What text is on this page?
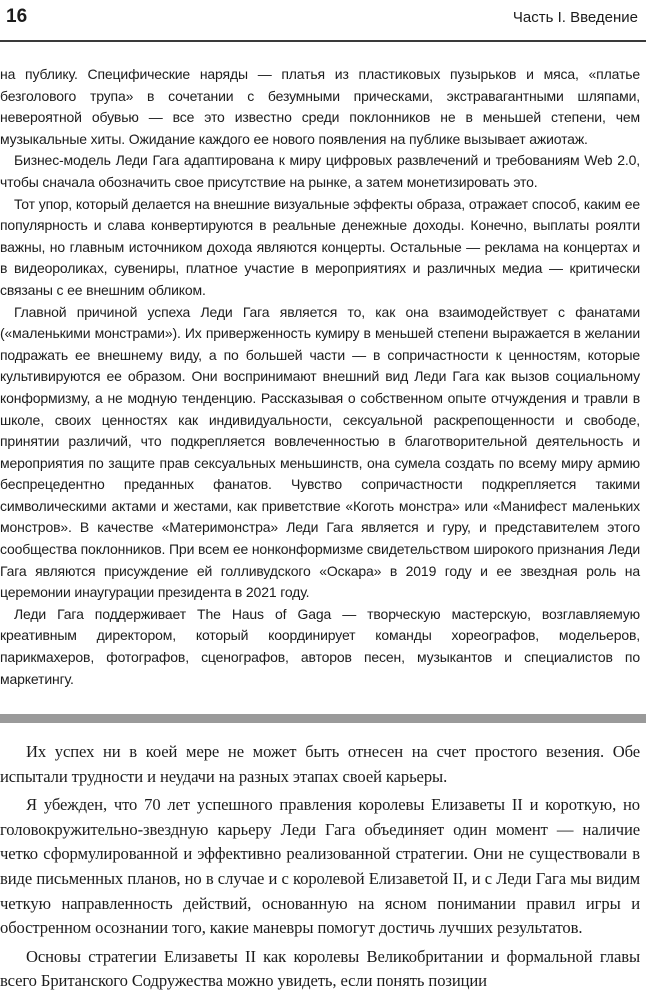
16	Часть I. Введение

на публику. Специфические наряды — платья из пластиковых пузырьков и мяса, «платье безголового трупа» в сочетании с безумными прическами, экстравагантными шляпами, невероятной обувью — все это известно среди поклонников не в меньшей степени, чем музыкальные хиты. Ожидание каждого ее нового появления на публике вызывает ажиотаж.

Бизнес-модель Леди Гага адаптирована к миру цифровых развлечений и требованиям Web 2.0, чтобы сначала обозначить свое присутствие на рынке, а затем монетизировать это.

Тот упор, который делается на внешние визуальные эффекты образа, отражает способ, каким ее популярность и слава конвертируются в реальные денежные доходы. Конечно, выплаты роялти важны, но главным источником дохода являются концерты. Остальные — реклама на концертах и в видеороликах, сувениры, платное участие в мероприятиях и различных медиа — критически связаны с ее внешним обликом.

Главной причиной успеха Леди Гага является то, как она взаимодействует с фанатами («маленькими монстрами»). Их приверженность кумиру в меньшей степени выражается в желании подражать ее внешнему виду, а по большей части — в сопричастности к ценностям, которые культивируются ее образом. Они воспринимают внешний вид Леди Гага как вызов социальному конформизму, а не модную тенденцию. Рассказывая о собственном опыте отчуждения и травли в школе, своих ценностях как индивидуальности, сексуальной раскрепощенности и свободе, принятии различий, что подкрепляется вовлеченностью в благотворительной деятельность и мероприятия по защите прав сексуальных меньшинств, она сумела создать по всему миру армию беспрецедентно преданных фанатов. Чувство сопричастности подкрепляется такими символическими актами и жестами, как приветствие «Коготь монстра» или «Манифест маленьких монстров». В качестве «Материмонстра» Леди Гага является и гуру, и представителем этого сообщества поклонников. При всем ее нонконформизме свидетельством широкого признания Леди Гага являются присуждение ей голливудского «Оскара» в 2019 году и ее звездная роль на церемонии инаугурации президента в 2021 году.

Леди Гага поддерживает The Haus of Gaga — творческую мастерскую, возглавляемую креативным директором, который координирует команды хореографов, модельеров, парикмахеров, фотографов, сценографов, авторов песен, музыкантов и специалистов по маркетингу.

Их успех ни в коей мере не может быть отнесен на счет простого везения. Обе испытали трудности и неудачи на разных этапах своей карьеры.

Я убежден, что 70 лет успешного правления королевы Елизаветы II и короткую, но головокружительно-звездную карьеру Леди Гага объединяет один момент — наличие четко сформулированной и эффективно реализованной стратегии. Они не существовали в виде письменных планов, но в случае и с королевой Елизаветой II, и с Леди Гага мы видим четкую направленность действий, основанную на ясном понимании правил игры и обостренном осознании того, какие маневры помогут достичь лучших результатов.

Основы стратегии Елизаветы II как королевы Великобритании и формальной главы всего Британского Содружества можно увидеть, если понять позиции
